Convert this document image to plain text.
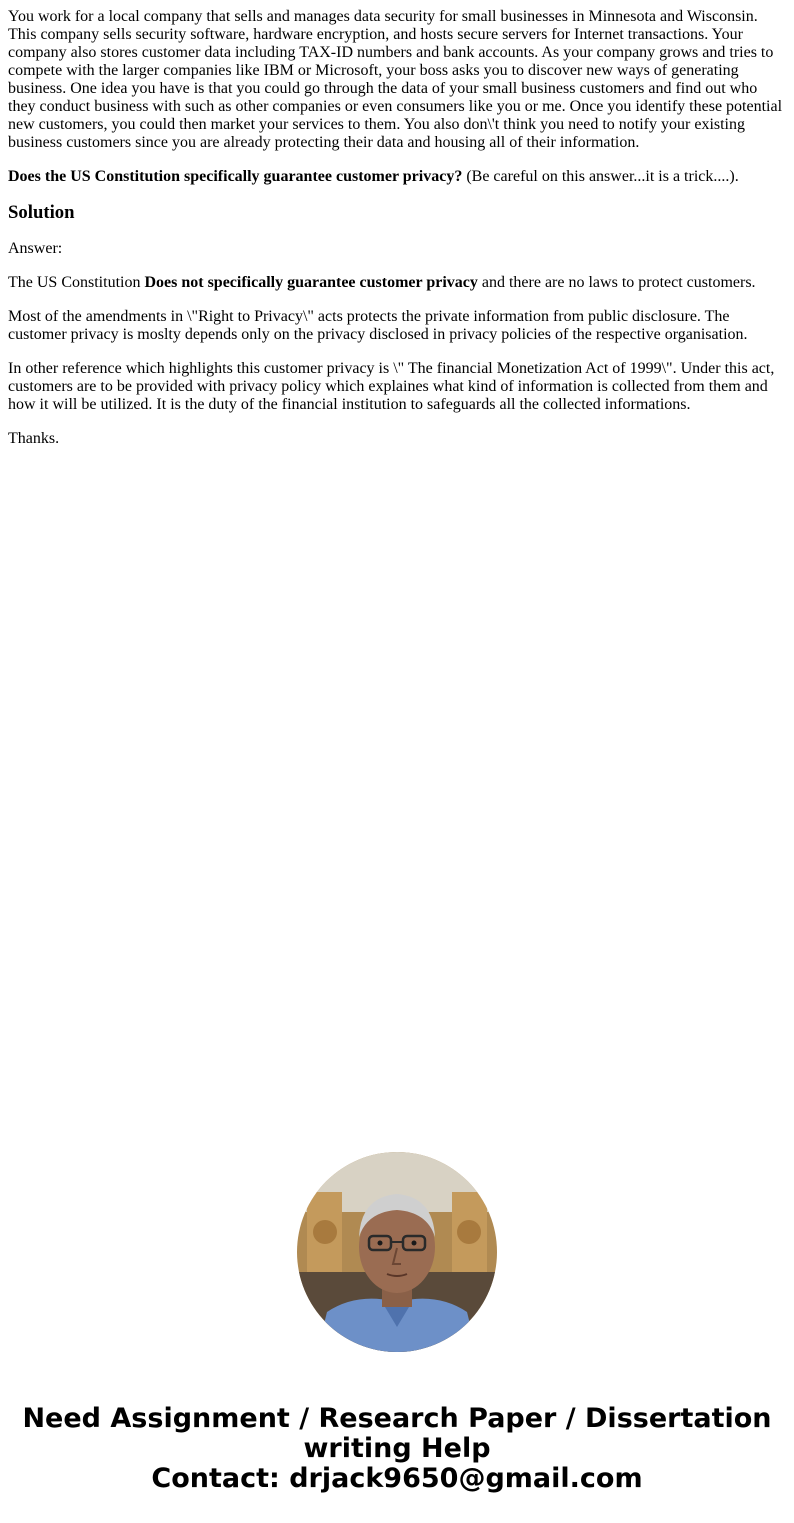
You work for a local company that sells and manages data security for small businesses in Minnesota and Wisconsin. This company sells security software, hardware encryption, and hosts secure servers for Internet transactions. Your company also stores customer data including TAX-ID numbers and bank accounts. As your company grows and tries to compete with the larger companies like IBM or Microsoft, your boss asks you to discover new ways of generating business. One idea you have is that you could go through the data of your small business customers and find out who they conduct business with such as other companies or even consumers like you or me. Once you identify these potential new customers, you could then market your services to them. You also don\'t think you need to notify your existing business customers since you are already protecting their data and housing all of their information.

Does the US Constitution specifically guarantee customer privacy? (Be careful on this answer...it is a trick....).

Solution

Answer:

The US Constitution Does not specifically guarantee customer privacy and there are no laws to protect customers.

Most of the amendments in \"Right to Privacy\" acts protects the private information from public disclosure. The customer privacy is moslty depends only on the privacy disclosed in privacy policies of the respective organisation.

In other reference which highlights this customer privacy is \" The financial Monetization Act of 1999\". Under this act, customers are to be provided with privacy policy which explaines what kind of information is collected from them and how it will be utilized. It is the duty of the financial institution to safeguards all the collected informations.

Thanks.

Need Assignment / Research Paper / Dissertation
writing Help
Contact: drjack9650@gmail.com
